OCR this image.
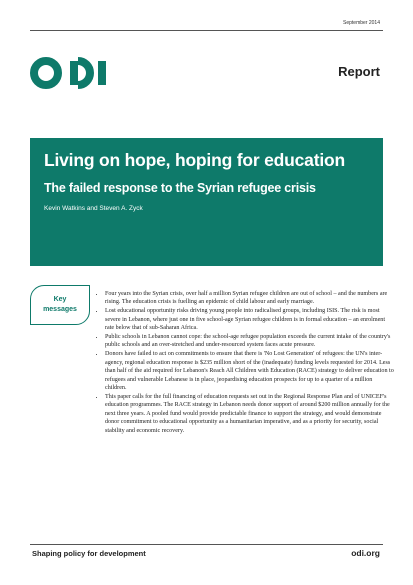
September 2014
Report
Living on hope, hoping for education
The failed response to the Syrian refugee crisis
Kevin Watkins and Steven A. Zyck
Key
messages
• Four years into the Syrian crisis, over half a million Syrian refugee children are out of school – and the numbers are rising. The education crisis is fuelling an epidemic of child labour and early marriage.
• Lost educational opportunity risks driving young people into radicalised groups, including ISIS. The risk is most severe in Lebanon, where just one in five school-age Syrian refugee children is in formal education – an enrolment rate below that of sub-Saharan Africa.
• Public schools in Lebanon cannot cope: the school-age refugee population exceeds the current intake of the country's public schools and an over-stretched and under-resourced system faces acute pressure.
• Donors have failed to act on commitments to ensure that there is 'No Lost Generation' of refugees: the UN's inter-agency, regional education response is $235 million short of the (inadequate) funding levels requested for 2014. Less than half of the aid required for Lebanon's Reach All Children with Education (RACE) strategy to deliver education to refugees and vulnerable Lebanese is in place, jeopardising education prospects for up to a quarter of a million children.
• This paper calls for the full financing of education requests set out in the Regional Response Plan and of UNICEF's education programmes. The RACE strategy in Lebanon needs donor support of around $200 million annually for the next three years. A pooled fund would provide predictable finance to support the strategy, and would demonstrate donor commitment to educational opportunity as a humanitarian imperative, and as a priority for security, social stability and economic recovery.
Shaping policy for development	odi.org
